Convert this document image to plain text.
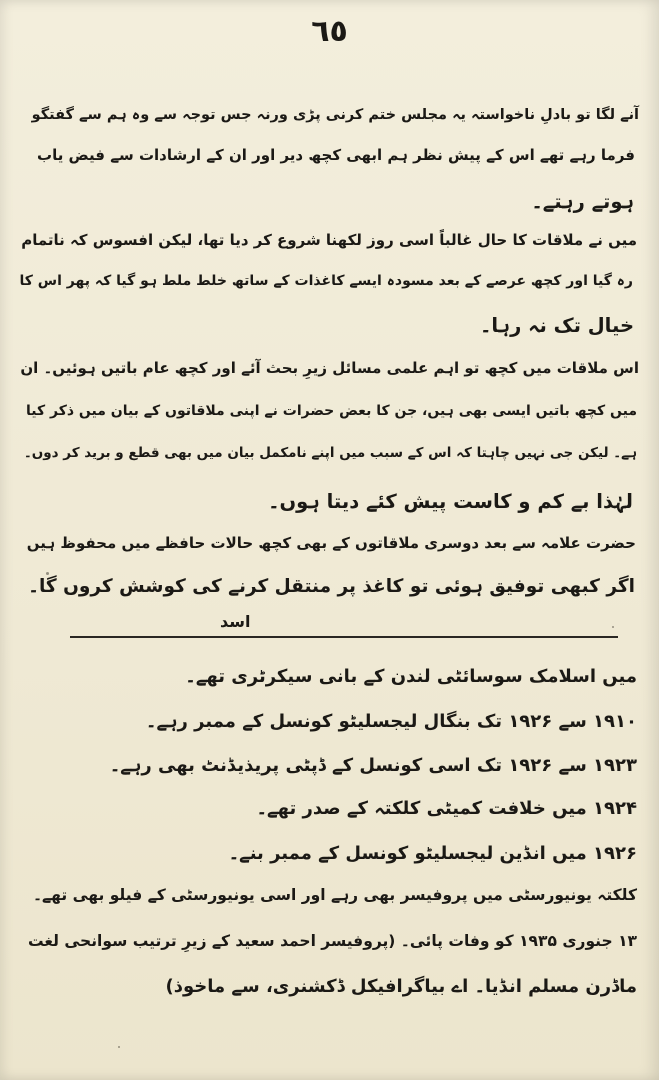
٦٥
آنے لگا تو بادلِ ناخواستہ یہ مجلس ختم کرنی پڑی ورنہ جس توجہ سے وہ ہم سے گفتگو
فرما رہے تھے اس کے پیش نظر ہم ابھی کچھ دیر اور ان کے ارشادات سے فیض یاب
ہوتے رہتے۔
میں نے ملاقات کا حال غالباً اسی روز لکھنا شروع کر دیا تھا، لیکن افسوس کہ ناتمام
رہ گیا اور کچھ عرصے کے بعد مسودہ ایسے کاغذات کے ساتھ خلط ملط ہو گیا کہ پھر اس کا
خیال تک نہ رہا۔
اس ملاقات میں کچھ تو اہم علمی مسائل زیرِ بحث آئے اور کچھ عام باتیں ہوئیں۔ ان
میں کچھ باتیں ایسی بھی ہیں، جن کا بعض حضرات نے اپنی ملاقاتوں کے بیان میں ذکر کیا
ہے۔ لیکن جی نہیں چاہتا کہ اس کے سبب میں اپنے نامکمل بیان میں بھی قطع و برید کر دوں۔
لہٰذا بے کم و کاست پیش کئے دیتا ہوں۔
حضرت علامہ سے بعد دوسری ملاقاتوں کے بھی کچھ حالات حافظے میں محفوظ ہیں
اگر کبھی توفیق ہوئی تو کاغذ پر منتقل کرنے کی کوشش کروں گا۔
اسد
میں اسلامک سوسائٹی لندن کے بانی سیکرٹری تھے۔
۱۹۱۰ سے ۱۹۲۶ تک بنگال لیجسلیٹو کونسل کے ممبر رہے۔
۱۹۲۳ سے ۱۹۲۶ تک اسی کونسل کے ڈپٹی پریذیڈنٹ بھی رہے۔
۱۹۲۴ میں خلافت کمیٹی کلکتہ کے صدر تھے۔
۱۹۲۶ میں انڈین لیجسلیٹو کونسل کے ممبر بنے۔
کلکتہ یونیورسٹی میں پروفیسر بھی رہے اور اسی یونیورسٹی کے فیلو بھی تھے۔
۱۳ جنوری ۱۹۳۵ کو وفات پائی۔ (پروفیسر احمد سعید کے زیرِ ترتیب سوانحی لغت
ماڈرن مسلم انڈیا۔ اے بیاگرافیکل ڈکشنری، سے ماخوذ)
